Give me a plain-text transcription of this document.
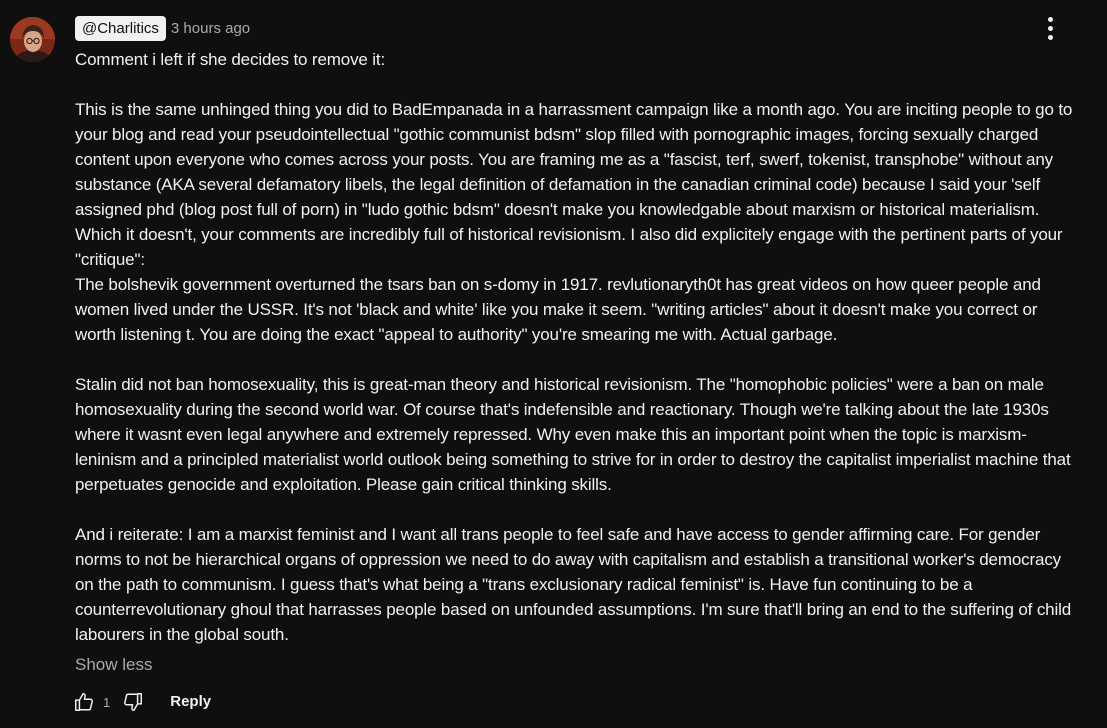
@Charlitics 3 hours ago

Comment i left if she decides to remove it:

This is the same unhinged thing you did to BadEmpanada in a harrassment campaign like a month ago. You are inciting people to go to your blog and read your pseudointellectual "gothic communist bdsm" slop filled with pornographic images, forcing sexually charged content upon everyone who comes across your posts. You are framing me as a "fascist, terf, swerf, tokenist, transphobe" without any substance (AKA several defamatory libels, the legal definition of defamation in the canadian criminal code) because I said your 'self assigned phd (blog post full of porn) in "ludo gothic bdsm" doesn't make you knowledgable about marxism or historical materialism. Which it doesn't, your comments are incredibly full of historical revisionism. I also did explicitely engage with the pertinent parts of your "critique":
The bolshevik government overturned the tsars ban on s-domy in 1917. revlutionaryth0t has great videos on how queer people and women lived under the USSR. It's not 'black and white' like you make it seem. "writing articles" about it doesn't make you correct or worth listening t. You are doing the exact "appeal to authority" you're smearing me with. Actual garbage.

Stalin did not ban homosexuality, this is great-man theory and historical revisionism. The "homophobic policies" were a ban on male homosexuality during the second world war. Of course that's indefensible and reactionary. Though we're talking about the late 1930s where it wasnt even legal anywhere and extremely repressed. Why even make this an important point when the topic is marxism-leninism and a principled materialist world outlook being something to strive for in order to destroy the capitalist imperialist machine that perpetuates genocide and exploitation. Please gain critical thinking skills.

And i reiterate: I am a marxist feminist and I want all trans people to feel safe and have access to gender affirming care. For gender norms to not be hierarchical organs of oppression we need to do away with capitalism and establish a transitional worker's democracy on the path to communism. I guess that's what being a "trans exclusionary radical feminist" is. Have fun continuing to be a counterrevolutionary ghoul that harrasses people based on unfounded assumptions. I'm sure that'll bring an end to the suffering of child labourers in the global south.

Show less
1	Reply
